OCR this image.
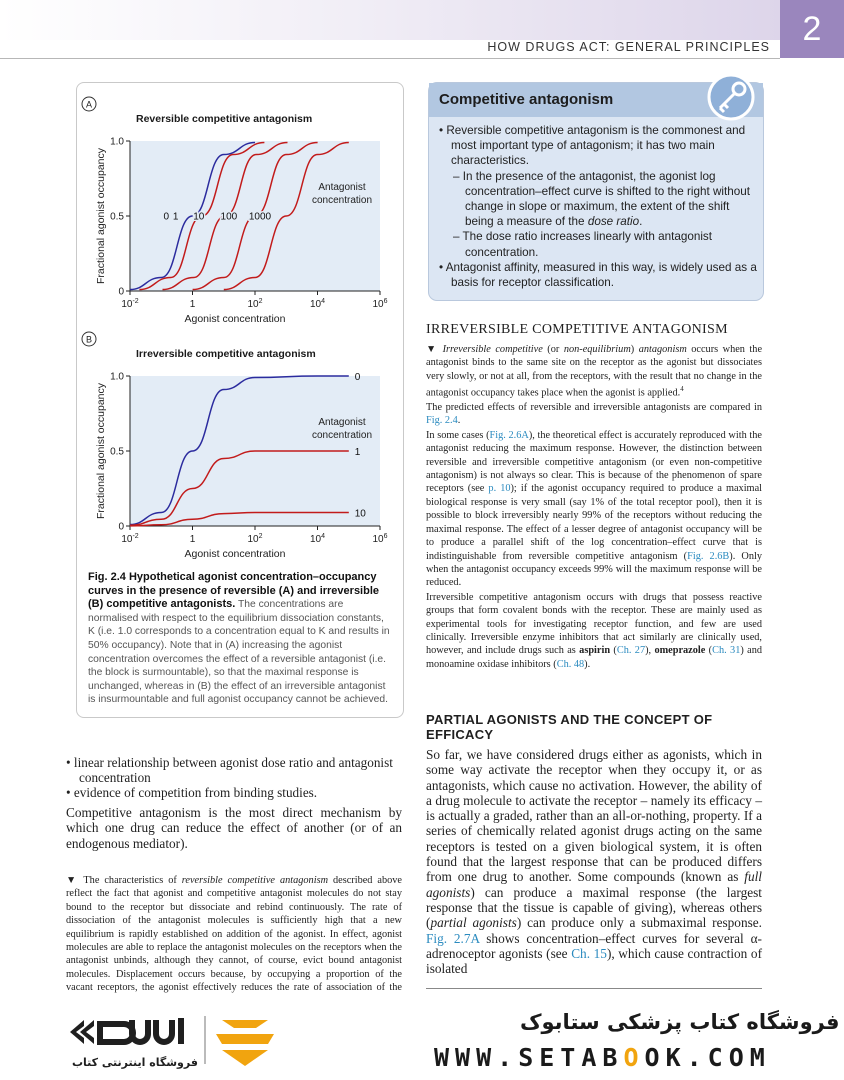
2
HOW DRUGS ACT: GENERAL PRINCIPLES
A
Reversible competitive antagonism
0
0.5
1.0
$10^{-2}$	1	$10^2$	$10^4$	$10^6$
Agonist concentration
Fractional agonist occupancy	Antagonist
concentration
0 1 10 100 1000
B
Irreversible competitive antagonism
0
0.5
1.0
$10^{-2}$	1	$10^2$	$10^4$	$10^6$
Agonist concentration
Fractional agonist occupancy	Antagonist
concentration
0
1
10
Fig. 2.4 Hypothetical agonist concentration–occupancy curves in the presence of reversible (A) and irreversible (B) competitive antagonists. The concentrations are normalised with respect to the equilibrium dissociation constants, K (i.e. 1.0 corresponds to a concentration equal to K and results in 50% occupancy). Note that in (A) increasing the agonist concentration overcomes the effect of a reversible antagonist (i.e. the block is surmountable), so that the maximal response is unchanged, whereas in (B) the effect of an irreversible antagonist is insurmountable and full agonist occupancy cannot be achieved.
Competitive antagonism

• Reversible competitive antagonism is the commonest and most important type of antagonism; it has two main characteristics.

– In the presence of the antagonist, the agonist log concentration–effect curve is shifted to the right without change in slope or maximum, the extent of the shift being a measure of the dose ratio.

– The dose ratio increases linearly with antagonist concentration.

• Antagonist affinity, measured in this way, is widely used as a basis for receptor classification.

IRREVERSIBLE COMPETITIVE ANTAGONISM

▼ Irreversible competitive (or non-equilibrium) antagonism occurs when the antagonist binds to the same site on the receptor as the agonist but dissociates very slowly, or not at all, from the receptors, with the result that no change in the antagonist occupancy takes place when the agonist is applied.$^4$

The predicted effects of reversible and irreversible antagonists are compared in Fig. 2.4.

In some cases (Fig. 2.6A), the theoretical effect is accurately reproduced with the antagonist reducing the maximum response. However, the distinction between reversible and irreversible competitive antagonism (or even non-competitive antagonism) is not always so clear. This is because of the phenomenon of spare receptors (see p. 10); if the agonist occupancy required to produce a maximal biological response is very small (say 1% of the total receptor pool), then it is possible to block irreversibly nearly 99% of the receptors without reducing the maximal response. The effect of a lesser degree of antagonist occupancy will be to produce a parallel shift of the log concentration–effect curve that is indistinguishable from reversible competitive antagonism (Fig. 2.6B). Only when the antagonist occupancy exceeds 99% will the maximum response will be reduced.

Irreversible competitive antagonism occurs with drugs that possess reactive groups that form covalent bonds with the receptor. These are mainly used as experimental tools for investigating receptor function, and few are used clinically. Irreversible enzyme inhibitors that act similarly are clinically used, however, and include drugs such as aspirin (Ch. 27), omeprazole (Ch. 31) and monoamine oxidase inhibitors (Ch. 48).

PARTIAL AGONISTS AND THE CONCEPT OF EFFICACY

So far, we have considered drugs either as agonists, which in some way activate the receptor when they occupy it, or as antagonists, which cause no activation. However, the ability of a drug molecule to activate the receptor – namely its efficacy – is actually a graded, rather than an all-or-nothing, property. If a series of chemically related agonist drugs acting on the same receptors is tested on a given biological system, it is often found that the largest response that can be produced differs from one drug to another. Some compounds (known as full agonists) can produce a maximal response (the largest response that the tissue is capable of giving), whereas others (partial agonists) can produce only a submaximal response. Fig. 2.7A shows concentration–effect curves for several α-adrenoceptor agonists (see Ch. 15), which cause contraction of isolated

• linear relationship between agonist dose ratio and antagonist concentration
• evidence of competition from binding studies.
Competitive antagonism is the most direct mechanism by which one drug can reduce the effect of another (or of an endogenous mediator).
▼ The characteristics of reversible competitive antagonism described above reflect the fact that agonist and competitive antagonist molecules do not stay bound to the receptor but dissociate and rebind continuously. The rate of dissociation of the antagonist molecules is sufficiently high that a new equilibrium is rapidly established on addition of the agonist. In effect, agonist molecules are able to replace the antagonist molecules on the receptors when the antagonist unbinds, although they cannot, of course, evict bound antagonist molecules. Displacement occurs because, by occupying a proportion of the vacant receptors, the agonist effectively reduces the rate of association of the
فروشگاه اینترنتی کتاب
فروشگاه کتاب پزشکی ستابوک
WWW.SETABOOK.COM
